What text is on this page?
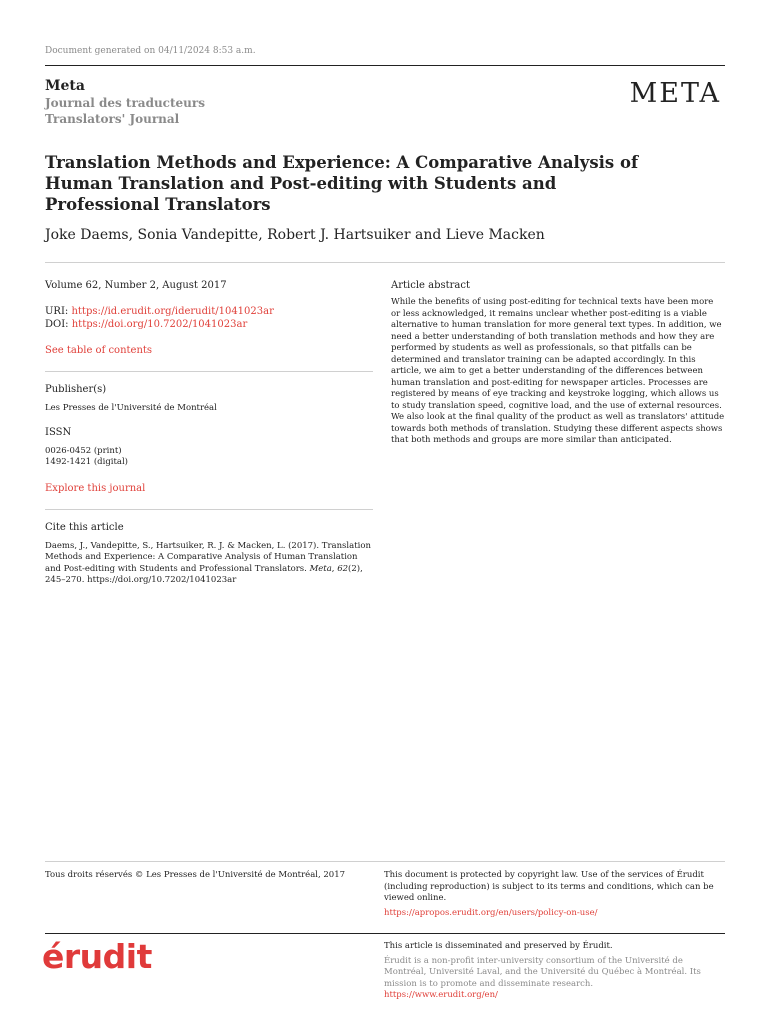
Document generated on 04/11/2024 8:53 a.m.
Meta
Journal des traducteurs
Translators' Journal
MΕTA
Translation Methods and Experience: A Comparative Analysis of Human Translation and Post-editing with Students and Professional Translators
Joke Daems, Sonia Vandepitte, Robert J. Hartsuiker and Lieve Macken
Volume 62, Number 2, August 2017
URI: https://id.erudit.org/iderudit/1041023ar
DOI: https://doi.org/10.7202/1041023ar
See table of contents
Publisher(s)
Les Presses de l'Université de Montréal
ISSN
0026-0452 (print)
1492-1421 (digital)
Explore this journal
Cite this article
Daems, J., Vandepitte, S., Hartsuiker, R. J. & Macken, L. (2017). Translation Methods and Experience: A Comparative Analysis of Human Translation and Post-editing with Students and Professional Translators. Meta, 62(2), 245–270. https://doi.org/10.7202/1041023ar
Article abstract
While the benefits of using post-editing for technical texts have been more or less acknowledged, it remains unclear whether post-editing is a viable alternative to human translation for more general text types. In addition, we need a better understanding of both translation methods and how they are performed by students as well as professionals, so that pitfalls can be determined and translator training can be adapted accordingly. In this article, we aim to get a better understanding of the differences between human translation and post-editing for newspaper articles. Processes are registered by means of eye tracking and keystroke logging, which allows us to study translation speed, cognitive load, and the use of external resources. We also look at the final quality of the product as well as translators' attitude towards both methods of translation. Studying these different aspects shows that both methods and groups are more similar than anticipated.
Tous droits réservés © Les Presses de l'Université de Montréal, 2017	This document is protected by copyright law. Use of the services of Érudit (including reproduction) is subject to its terms and conditions, which can be viewed online.
https://apropos.erudit.org/en/users/policy-on-use/
érudit	This article is disseminated and preserved by Érudit.
Érudit is a non-profit inter-university consortium of the Université de Montréal, Université Laval, and the Université du Québec à Montréal. Its mission is to promote and disseminate research.
https://www.erudit.org/en/
